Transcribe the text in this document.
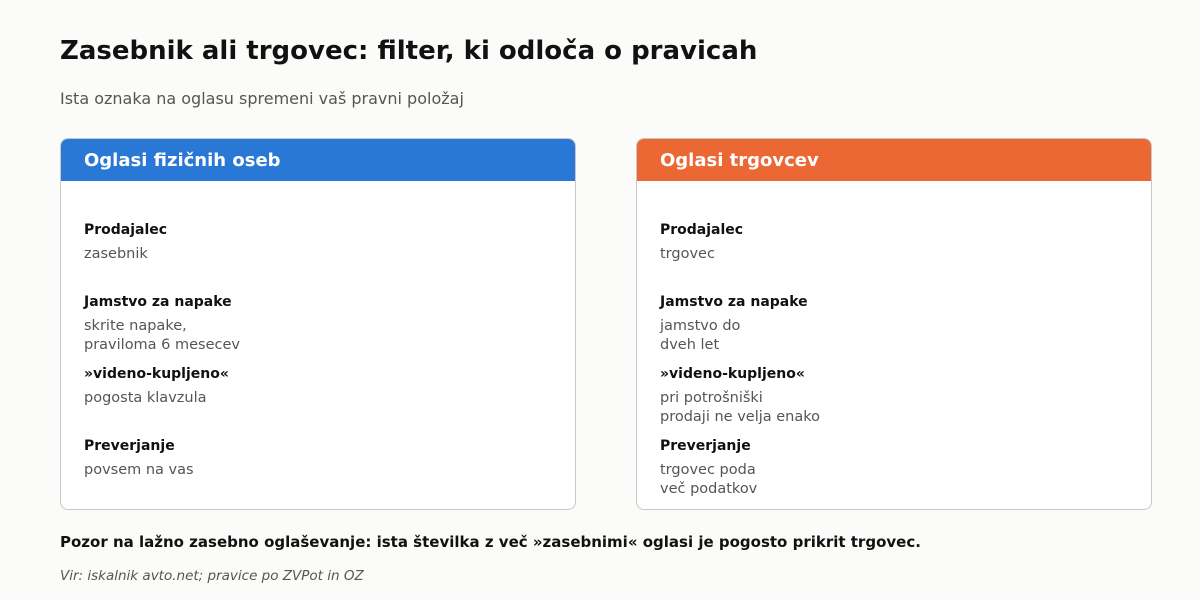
Zasebnik ali trgovec: filter, ki odloča o pravicah
Ista oznaka na oglasu spremeni vaš pravni položaj
Oglasi fizičnih oseb
Prodajalec
zasebnik
Jamstvo za napake
skrite napake,
praviloma 6 mesecev
»videno-kupljeno«
pogosta klavzula
Preverjanje
povsem na vas
Oglasi trgovcev
Prodajalec
trgovec
Jamstvo za napake
jamstvo do
dveh let
»videno-kupljeno«
pri potrošniški
prodaji ne velja enako
Preverjanje
trgovec poda
več podatkov
Pozor na lažno zasebno oglaševanje: ista številka z več »zasebnimi« oglasi je pogosto prikrit trgovec.
Vir: iskalnik avto.net; pravice po ZVPot in OZ
